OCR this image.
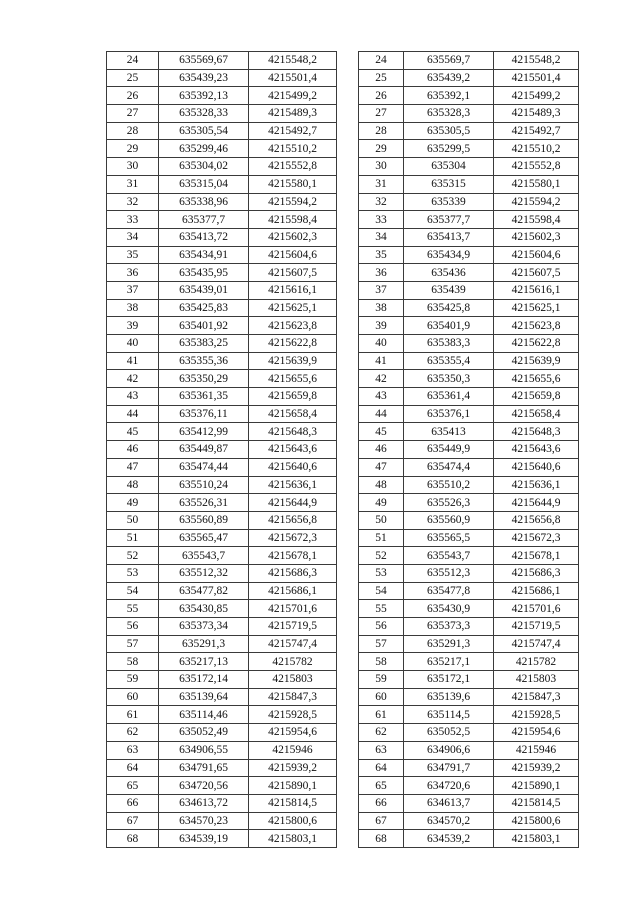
24	635569,67	4215548,2
25	635439,23	4215501,4
26	635392,13	4215499,2
27	635328,33	4215489,3
28	635305,54	4215492,7
29	635299,46	4215510,2
30	635304,02	4215552,8
31	635315,04	4215580,1
32	635338,96	4215594,2
33	635377,7	4215598,4
34	635413,72	4215602,3
35	635434,91	4215604,6
36	635435,95	4215607,5
37	635439,01	4215616,1
38	635425,83	4215625,1
39	635401,92	4215623,8
40	635383,25	4215622,8
41	635355,36	4215639,9
42	635350,29	4215655,6
43	635361,35	4215659,8
44	635376,11	4215658,4
45	635412,99	4215648,3
46	635449,87	4215643,6
47	635474,44	4215640,6
48	635510,24	4215636,1
49	635526,31	4215644,9
50	635560,89	4215656,8
51	635565,47	4215672,3
52	635543,7	4215678,1
53	635512,32	4215686,3
54	635477,82	4215686,1
55	635430,85	4215701,6
56	635373,34	4215719,5
57	635291,3	4215747,4
58	635217,13	4215782
59	635172,14	4215803
60	635139,64	4215847,3
61	635114,46	4215928,5
62	635052,49	4215954,6
63	634906,55	4215946
64	634791,65	4215939,2
65	634720,56	4215890,1
66	634613,72	4215814,5
67	634570,23	4215800,6
68	634539,19	4215803,1
24	635569,7	4215548,2
25	635439,2	4215501,4
26	635392,1	4215499,2
27	635328,3	4215489,3
28	635305,5	4215492,7
29	635299,5	4215510,2
30	635304	4215552,8
31	635315	4215580,1
32	635339	4215594,2
33	635377,7	4215598,4
34	635413,7	4215602,3
35	635434,9	4215604,6
36	635436	4215607,5
37	635439	4215616,1
38	635425,8	4215625,1
39	635401,9	4215623,8
40	635383,3	4215622,8
41	635355,4	4215639,9
42	635350,3	4215655,6
43	635361,4	4215659,8
44	635376,1	4215658,4
45	635413	4215648,3
46	635449,9	4215643,6
47	635474,4	4215640,6
48	635510,2	4215636,1
49	635526,3	4215644,9
50	635560,9	4215656,8
51	635565,5	4215672,3
52	635543,7	4215678,1
53	635512,3	4215686,3
54	635477,8	4215686,1
55	635430,9	4215701,6
56	635373,3	4215719,5
57	635291,3	4215747,4
58	635217,1	4215782
59	635172,1	4215803
60	635139,6	4215847,3
61	635114,5	4215928,5
62	635052,5	4215954,6
63	634906,6	4215946
64	634791,7	4215939,2
65	634720,6	4215890,1
66	634613,7	4215814,5
67	634570,2	4215800,6
68	634539,2	4215803,1
